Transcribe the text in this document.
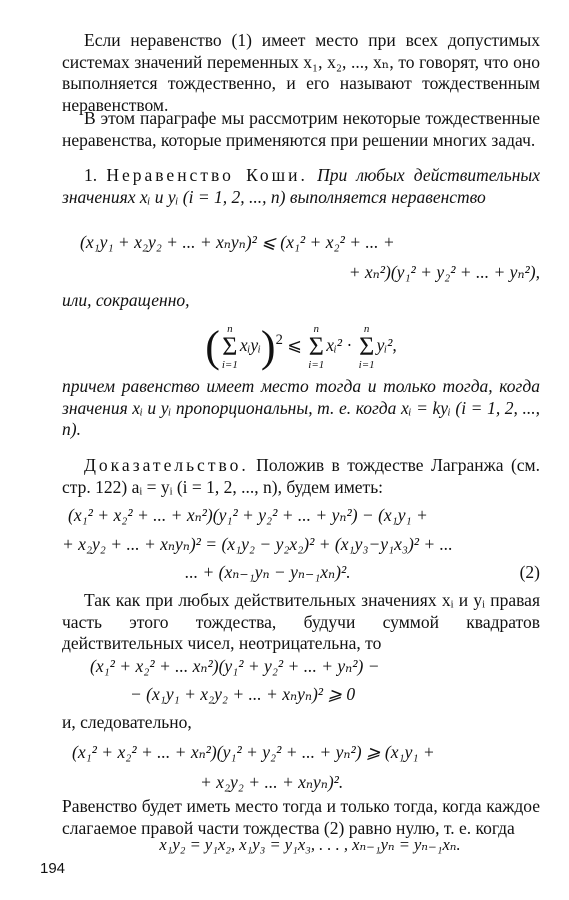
Если неравенство (1) имеет место при всех допустимых системах значений переменных x₁, x₂, ..., xₙ, то говорят, что оно выполняется тождественно, и его называют тождественным неравенством.

В этом параграфе мы рассмотрим некоторые тождественные неравенства, которые применяются при решении многих задач.

1. Неравенство Коши. При любых действительных значениях xᵢ и yᵢ (i = 1, 2, ..., n) выполняется неравенство

(x₁y₁ + x₂y₂ + ... + xₙyₙ)² ⩽ (x₁² + x₂² + ... +
+ xₙ²)(y₁² + y₂² + ... + yₙ²),

или, сокращенно,

( n
Σ
i=1
xᵢyᵢ)$^2$ ⩽
n
Σ
i=1
xᵢ² ·
n
Σ
i=1
yᵢ²,

причем равенство имеет место тогда и только тогда, когда значения xᵢ и yᵢ пропорциональны, т. е. когда xᵢ = kyᵢ (i = 1, 2, ..., n).

Доказательство. Положив в тождестве Лагранжа (см. стр. 122) aᵢ = yᵢ (i = 1, 2, ..., n), будем иметь:

(x₁² + x₂² + ... + xₙ²)(y₁² + y₂² + ... + yₙ²) − (x₁y₁ +
+ x₂y₂ + ... + xₙyₙ)² = (x₁y₂ − y₂x₂)² + (x₁y₃−y₁x₃)² + ...
... + (xₙ₋₁yₙ − yₙ₋₁xₙ)².	(2)

Так как при любых действительных значениях xᵢ и yᵢ правая часть этого тождества, будучи суммой квадратов действительных чисел, неотрицательна, то

(x₁² + x₂² + ... xₙ²)(y₁² + y₂² + ... + yₙ²) −
− (x₁y₁ + x₂y₂ + ... + xₙyₙ)² ⩾ 0

и, следовательно,

(x₁² + x₂² + ... + xₙ²)(y₁² + y₂² + ... + yₙ²) ⩾ (x₁y₁ +
+ x₂y₂ + ... + xₙyₙ)².

Равенство будет иметь место тогда и только тогда, когда каждое слагаемое правой части тождества (2) равно нулю, т. е. когда

x₁y₂ = y₁x₂, x₁y₃ = y₁x₃, . . . , xₙ₋₁yₙ = yₙ₋₁xₙ.
194
